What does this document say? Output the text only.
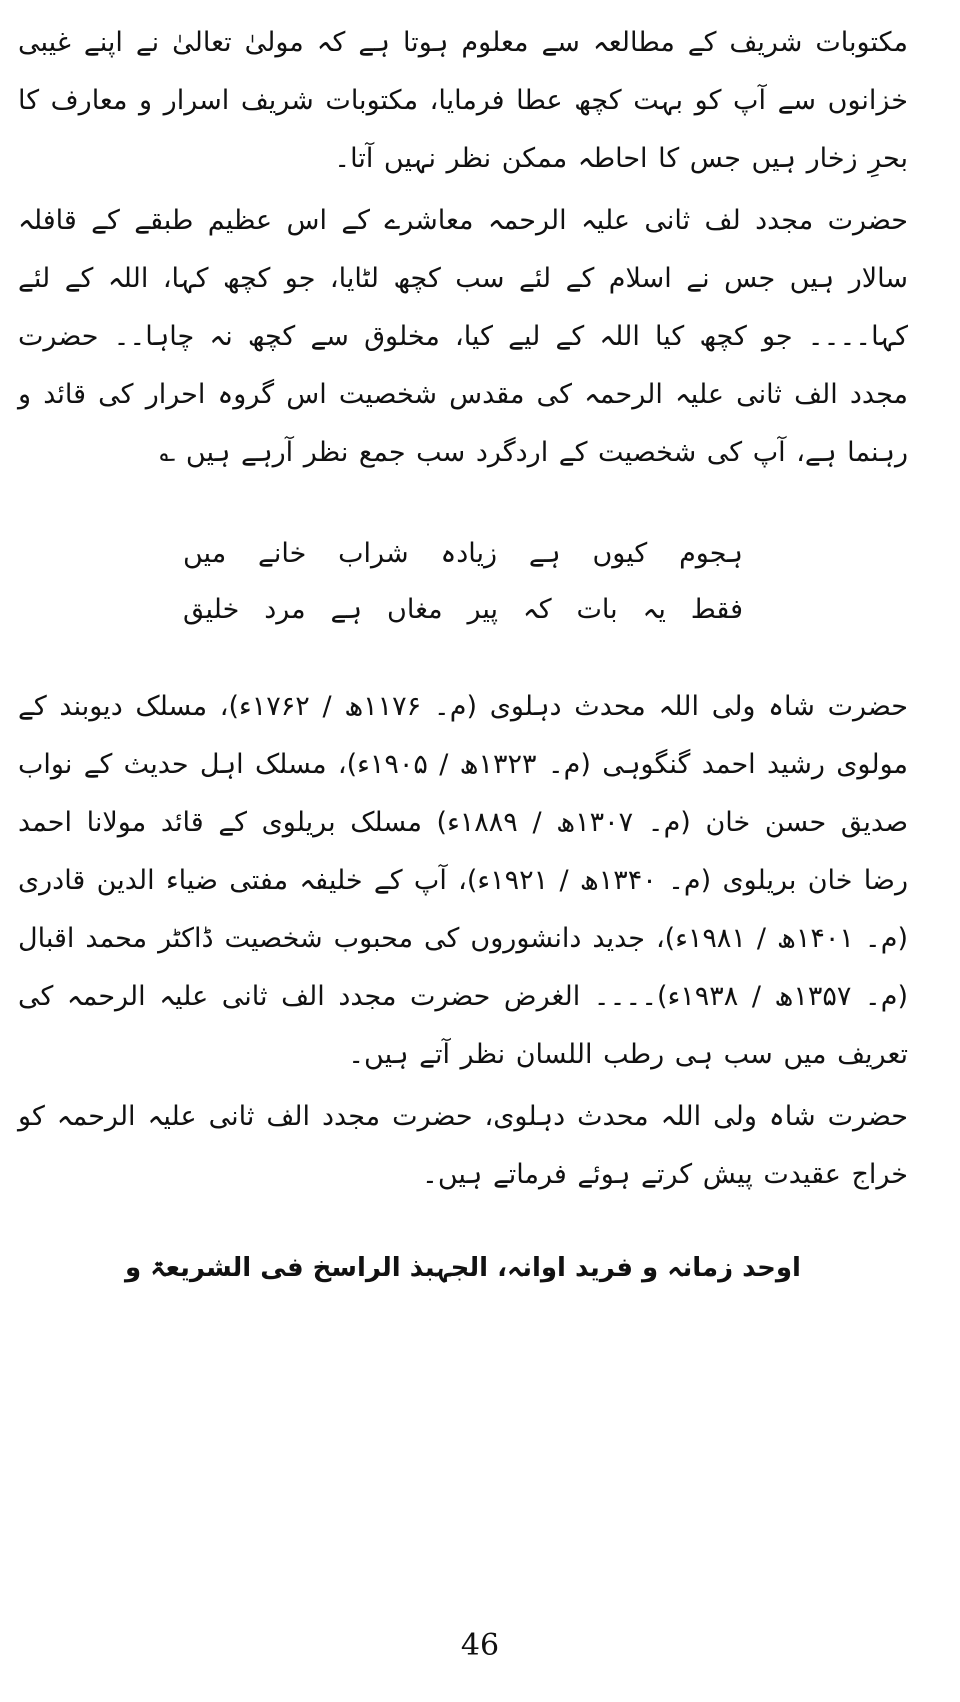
مکتوبات شریف کے مطالعہ سے معلوم ہوتا ہے کہ مولیٰ تعالیٰ نے اپنے غیبی خزانوں سے آپ کو بہت کچھ عطا فرمایا، مکتوبات شریف اسرار و معارف کا بحرِ زخار ہیں جس کا احاطہ ممکن نظر نہیں آتا۔

حضرت مجدد لف ثانی علیہ الرحمہ معاشرے کے اس عظیم طبقے کے قافلہ سالار ہیں جس نے اسلام کے لئے سب کچھ لٹایا، جو کچھ کہا، اللہ کے لئے کہا۔۔۔۔ جو کچھ کیا اللہ کے لیے کیا، مخلوق سے کچھ نہ چاہا۔۔ حضرت مجدد الف ثانی علیہ الرحمہ کی مقدس شخصیت اس گروہ احرار کی قائد و رہنما ہے، آپ کی شخصیت کے اردگرد سب جمع نظر آرہے ہیں ؎

ہجوم کیوں ہے زیادہ شراب خانے میں
فقط یہ بات کہ پیر مغاں ہے مرد خلیق

حضرت شاہ ولی اللہ محدث دہلوی (م۔ ۱۱۷۶ھ / ۱۷۶۲ء)، مسلک دیوبند کے مولوی رشید احمد گنگوہی (م۔ ۱۳۲۳ھ / ۱۹۰۵ء)، مسلک اہل حدیث کے نواب صدیق حسن خان (م۔ ۱۳۰۷ھ / ۱۸۸۹ء) مسلک بریلوی کے قائد مولانا احمد رضا خان بریلوی (م۔ ۱۳۴۰ھ / ۱۹۲۱ء)، آپ کے خلیفہ مفتی ضیاء الدین قادری (م۔ ۱۴۰۱ھ / ۱۹۸۱ء)، جدید دانشوروں کی محبوب شخصیت ڈاکٹر محمد اقبال (م۔ ۱۳۵۷ھ / ۱۹۳۸ء)۔۔۔۔ الغرض حضرت مجدد الف ثانی علیہ الرحمہ کی تعریف میں سب ہی رطب اللسان نظر آتے ہیں۔

حضرت شاہ ولی اللہ محدث دہلوی، حضرت مجدد الف ثانی علیہ الرحمہ کو خراج عقیدت پیش کرتے ہوئے فرماتے ہیں۔

اوحد زمانہ و فرید اوانہ، الجہبذ الراسخ فی الشریعۃ و
46
